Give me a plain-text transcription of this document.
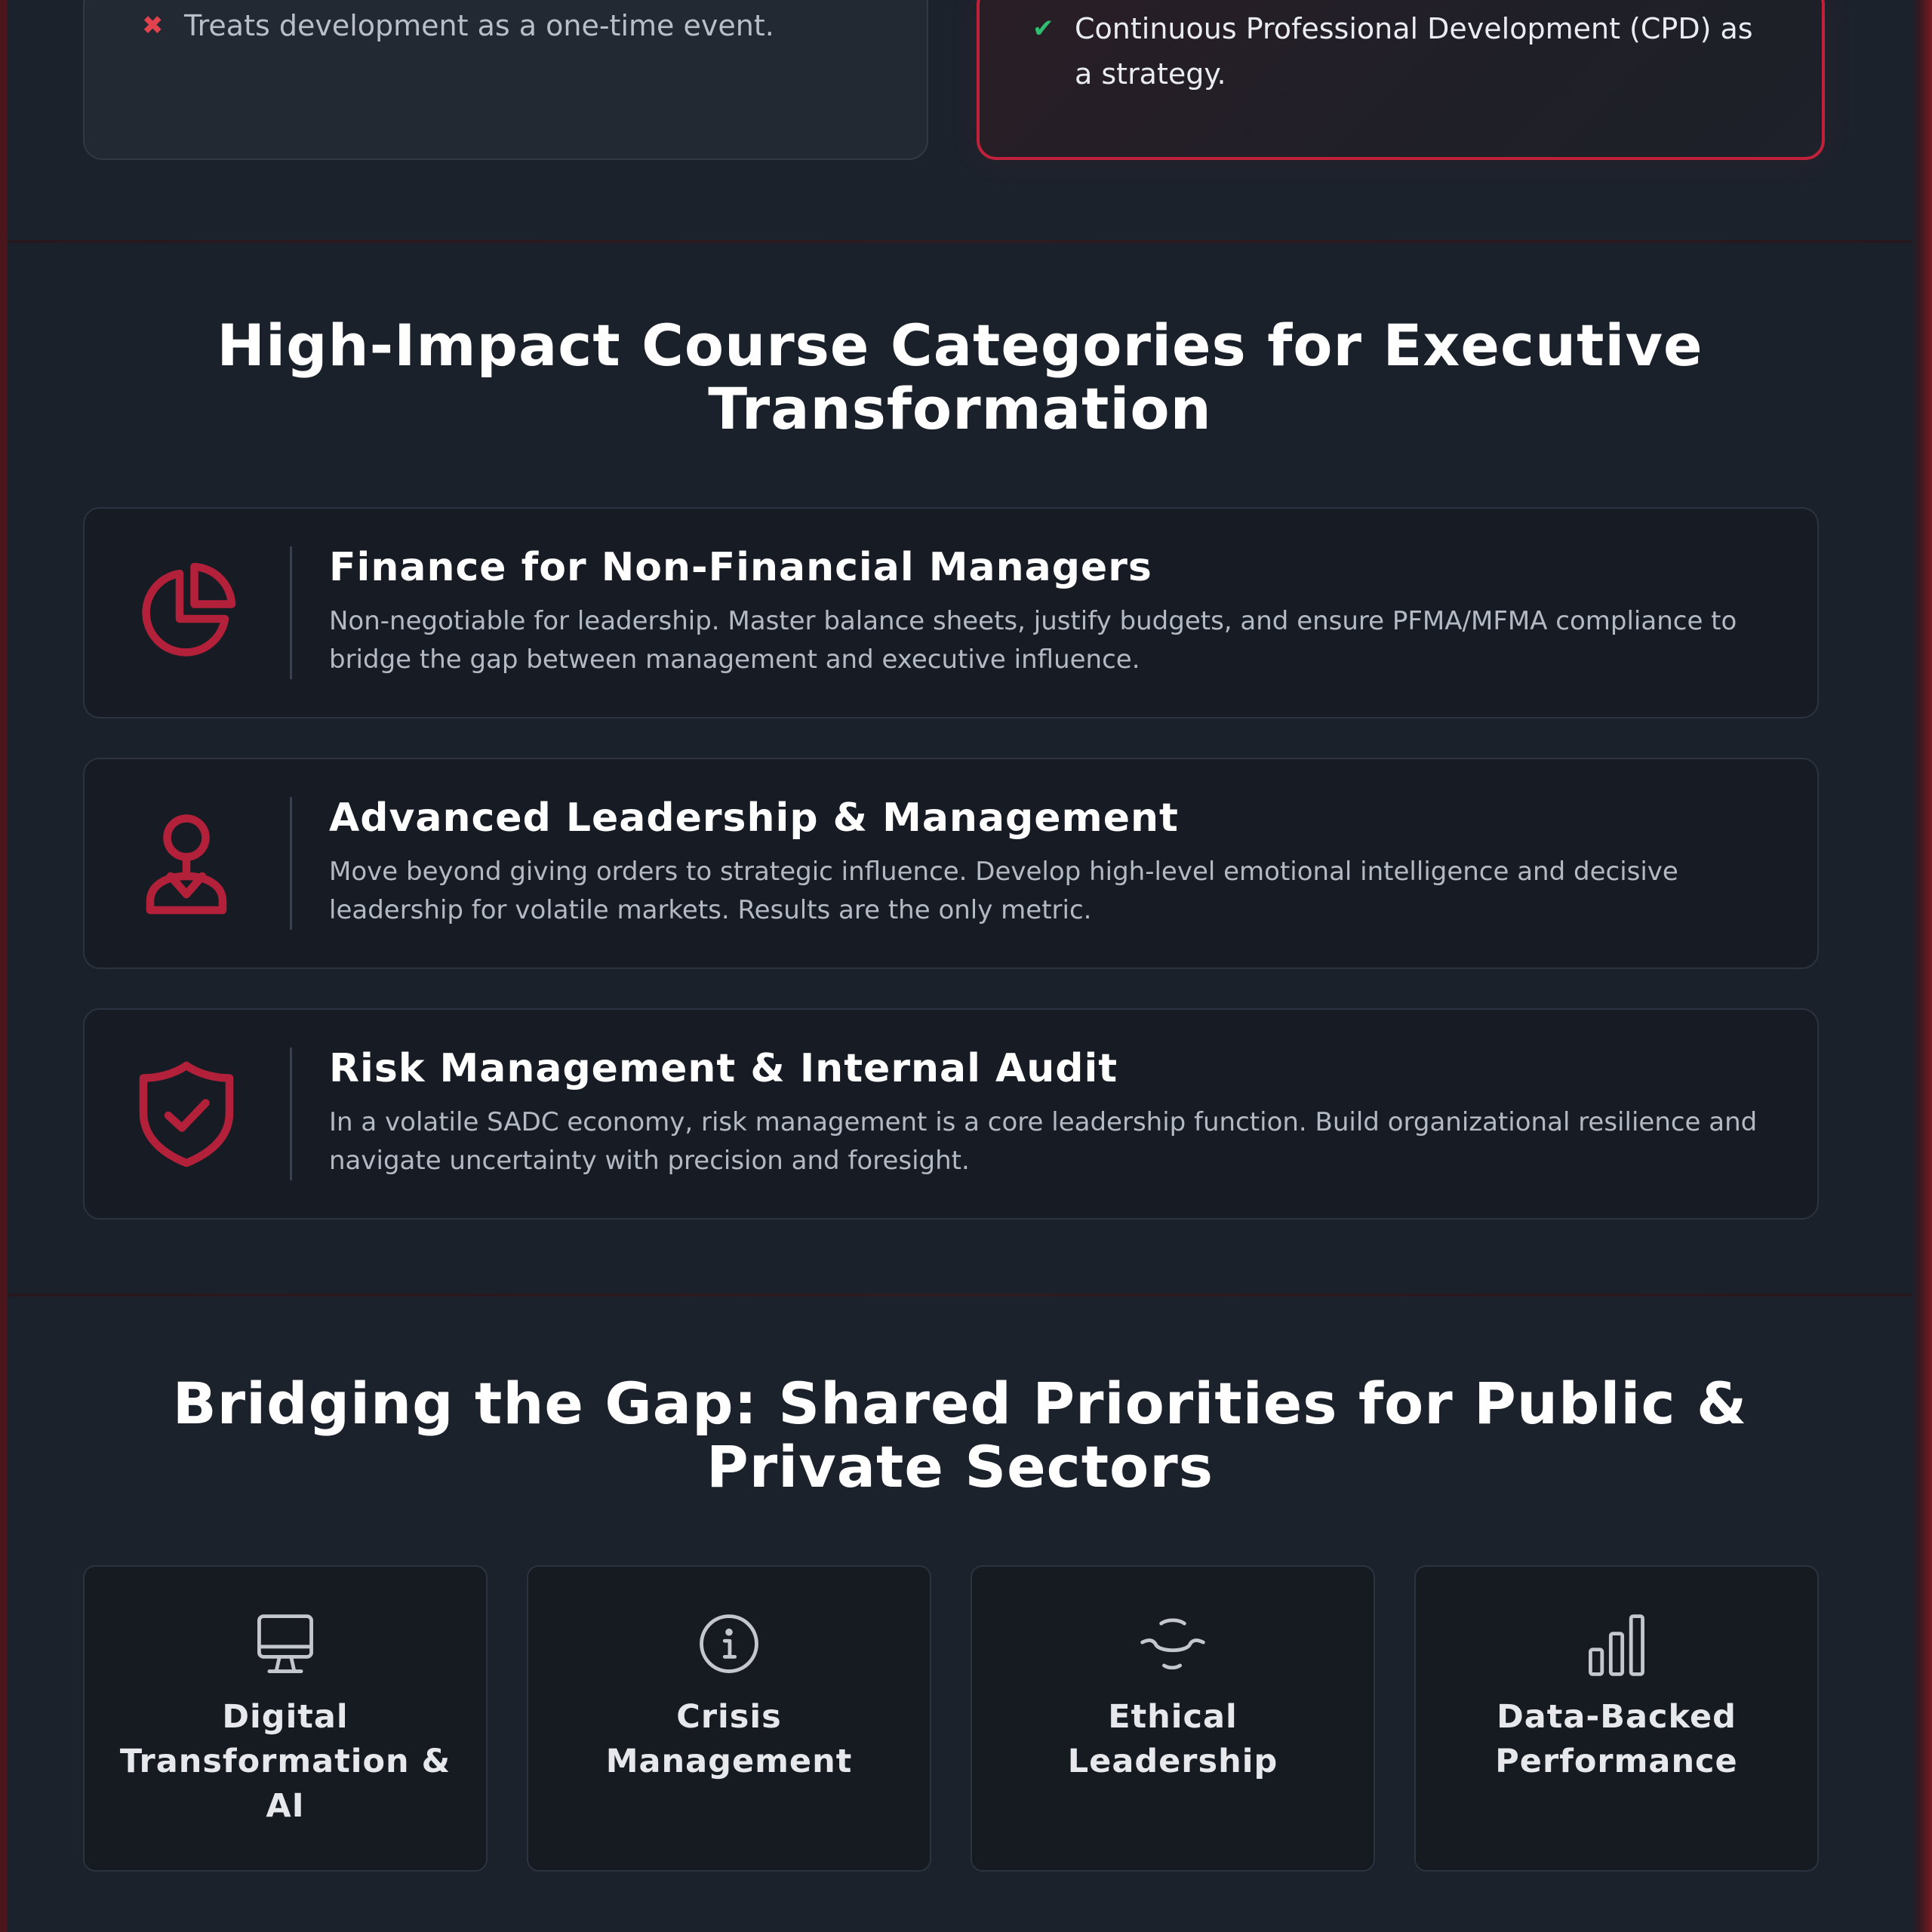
✖ Treats development as a one-time event.	✔ Continuous Professional Development (CPD) as a strategy.
High-Impact Course Categories for Executive Transformation
Finance for Non-Financial Managers
Non-negotiable for leadership. Master balance sheets, justify budgets, and ensure PFMA/MFMA compliance to bridge the gap between management and executive influence.
Advanced Leadership & Management
Move beyond giving orders to strategic influence. Develop high-level emotional intelligence and decisive leadership for volatile markets. Results are the only metric.
Risk Management & Internal Audit
In a volatile SADC economy, risk management is a core leadership function. Build organizational resilience and navigate uncertainty with precision and foresight.
Bridging the Gap: Shared Priorities for Public & Private Sectors
Digital Transformation & AI
Crisis Management
Ethical Leadership
Data-Backed Performance
